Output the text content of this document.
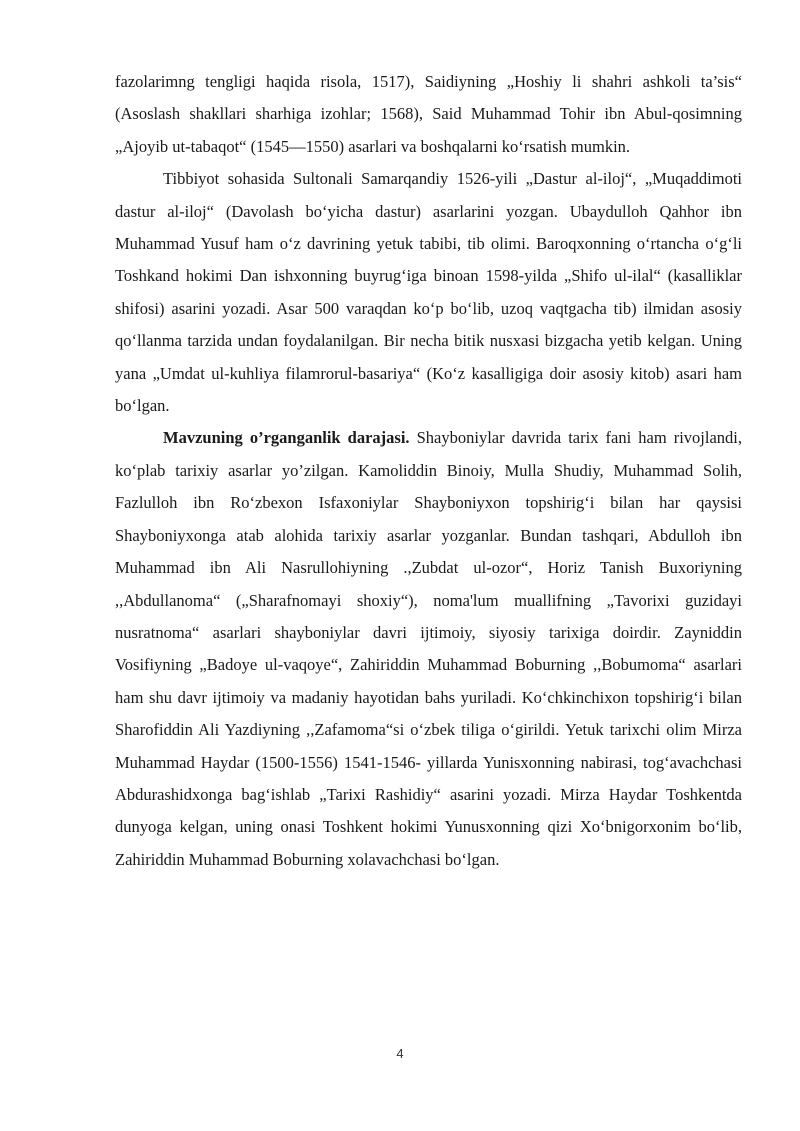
fazolarimng tengligi haqida risola, 1517), Saidiyning „Hoshiy li shahri ashkoli ta’sis“ (Asoslash shakllari sharhiga izohlar; 1568), Said Muhammad Tohir ibn Abul-qosimning „Ajoyib ut-tabaqot“ (1545—1550) asarlari va boshqalarni ko‘rsatish mumkin.

Tibbiyot sohasida Sultonali Samarqandiy 1526-yili „Dastur al-iloj“, „Muqaddimoti dastur al-iloj“ (Davolash bo‘yicha dastur) asarlarini yozgan. Ubaydulloh Qahhor ibn Muhammad Yusuf ham o‘z davrining yetuk tabibi, tib olimi. Baroqxonning o‘rtancha o‘g‘li Toshkand hokimi Dan ishxonning buyrug‘iga binoan 1598-yilda „Shifo ul-ilal“ (kasalliklar shifosi) asarini yozadi. Asar 500 varaqdan ko‘p bo‘lib, uzoq vaqtgacha tib) ilmidan asosiy qo‘llanma tarzida undan foydalanilgan. Bir necha bitik nusxasi bizgacha yetib kelgan. Uning yana „Umdat ul-kuhliya filamrorul-basariya“ (Ko‘z kasalligiga doir asosiy kitob) asari ham bo‘lgan.

Mavzuning o’rganganlik darajasi. Shayboniylar davrida tarix fani ham rivojlandi, ko‘plab tarixiy asarlar yo’zilgan. Kamoliddin Binoiy, Mulla Shudiy, Muhammad Solih, Fazlulloh ibn Ro‘zbexon Isfaxoniylar Shayboniyxon topshirig‘i bilan har qaysisi Shayboniyxonga atab alohida tarixiy asarlar yozganlar. Bundan tashqari, Abdulloh ibn Muhammad ibn Ali Nasrullohiyning .,Zubdat ul-ozor“, Horiz Tanish Buxoriyning ,,Abdullanoma“ („Sharafnomayi shoxiy“), noma'lum muallifning „Tavorixi guzidayi nusratnoma“ asarlari shayboniylar davri ijtimoiy, siyosiy tarixiga doirdir. Zayniddin Vosifiyning „Badoye ul-vaqoye“, Zahiriddin Muhammad Boburning ,,Bobumoma“ asarlari ham shu davr ijtimoiy va madaniy hayotidan bahs yuriladi. Ko‘chkinchixon topshirig‘i bilan Sharofiddin Ali Yazdiyning ,,Zafamoma“si o‘zbek tiliga o‘girildi. Yetuk tarixchi olim Mirza Muhammad Haydar (1500-1556) 1541-1546- yillarda Yunisxonning nabirasi, tog‘avachchasi Abdurashidxonga bag‘ishlab „Tarixi Rashidiy“ asarini yozadi. Mirza Haydar Toshkentda dunyoga kelgan, uning onasi Toshkent hokimi Yunusxonning qizi Xo‘bnigorxonim bo‘lib, Zahiriddin Muhammad Boburning xolavachchasi bo‘lgan.

4
